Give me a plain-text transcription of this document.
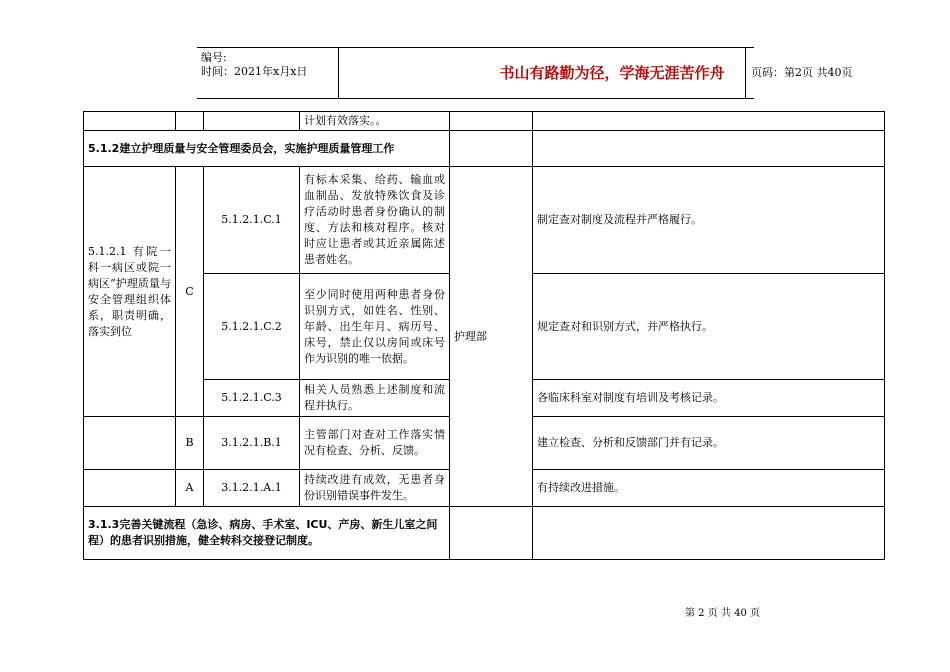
编号:
时间：2021年x月x日	书山有路勤为径，学海无涯苦作舟	页码：第2页 共40页
			计划有效落实。。		
5.1.2建立护理质量与安全管理委员会，实施护理质量管理工作					
5.1.2.1 有院一科一病区或院一病区”护理质量与安全管理组织体系，职责明确，落实到位	C	5.1.2.1.C.1	有标本采集、给药、输血或血制品、发放特殊饮食及诊疗活动时患者身份确认的制度、方法和核对程序。核对时应让患者或其近亲属陈述患者姓名。	护理部	制定查对制度及流程并严格履行。
		5.1.2.1.C.2	至少同时使用两种患者身份识别方式，如姓名、性别、年龄、出生年月、病历号、床号，禁止仅以房间或床号作为识别的唯一依据。		规定查对和识别方式，并严格执行。
		5.1.2.1.C.3	相关人员熟悉上述制度和流程并执行。		各临床科室对制度有培训及考核记录。
	B	3.1.2.1.B.1	主管部门对查对工作落实情况有检查、分析、反馈。		建立检查、分析和反馈部门并有记录。
	A	3.1.2.1.A.1	持续改进有成效，无患者身份识别错误事件发生。		有持续改进措施。
3.1.3完善关键流程（急诊、病房、手术室、ICU、产房、新生儿室之间程）的患者识别措施，健全转科交接登记制度。					
第 2 页 共 40 页
